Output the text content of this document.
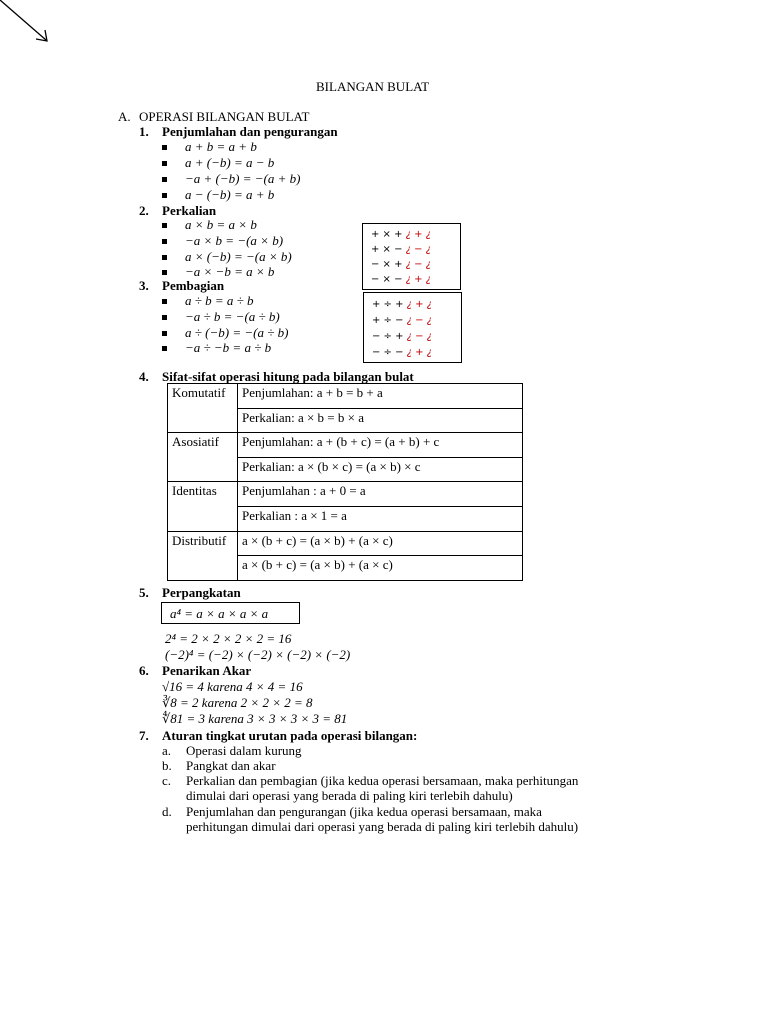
BILANGAN BULAT
A. OPERASI BILANGAN BULAT
1. Penjumlahan dan pengurangan
a + b = a + b
a + (−b) = a − b
−a + (−b) = −(a + b)
a − (−b) = a + b
2. Perkalian
a × b = a × b
−a × b = −(a × b)
a × (−b) = −(a × b)
−a × −b = a × b
+ × + ¿ + ¿
+ × − ¿ − ¿
− × + ¿ − ¿
− × − ¿ + ¿
3. Pembagian
a ÷ b = a ÷ b
−a ÷ b = −(a ÷ b)
a ÷ (−b) = −(a ÷ b)
−a ÷ −b = a ÷ b
+ ÷ + ¿ + ¿
+ ÷ − ¿ − ¿
− ÷ + ¿ − ¿
− ÷ − ¿ + ¿
4. Sifat-sifat operasi hitung pada bilangan bulat
Komutatif	Penjumlahan: a + b = b + a
	Perkalian: a × b = b × a
Asosiatif	Penjumlahan: a + (b + c) = (a + b) + c
	Perkalian: a × (b × c) = (a × b) × c
Identitas	Penjumlahan : a + 0 = a
	Perkalian : a × 1 = a
Distributif	a × (b + c) = (a × b) + (a × c)
	a × (b + c) = (a × b) + (a × c)
5. Perpangkatan
a⁴ = a × a × a × a
2⁴ = 2 × 2 × 2 × 2 = 16
(−2)⁴ = (−2) × (−2) × (−2) × (−2)
6. Penarikan Akar
√16 = 4 karena 4 × 4 = 16
∛8 = 2 karena 2 × 2 × 2 = 8
∜81 = 3 karena 3 × 3 × 3 × 3 = 81
7. Aturan tingkat urutan pada operasi bilangan:
a. Operasi dalam kurung
b. Pangkat dan akar
c. Perkalian dan pembagian (jika kedua operasi bersamaan, maka perhitungan
dimulai dari operasi yang berada di paling kiri terlebih dahulu)
d. Penjumlahan dan pengurangan (jika kedua operasi bersamaan, maka
perhitungan dimulai dari operasi yang berada di paling kiri terlebih dahulu)
